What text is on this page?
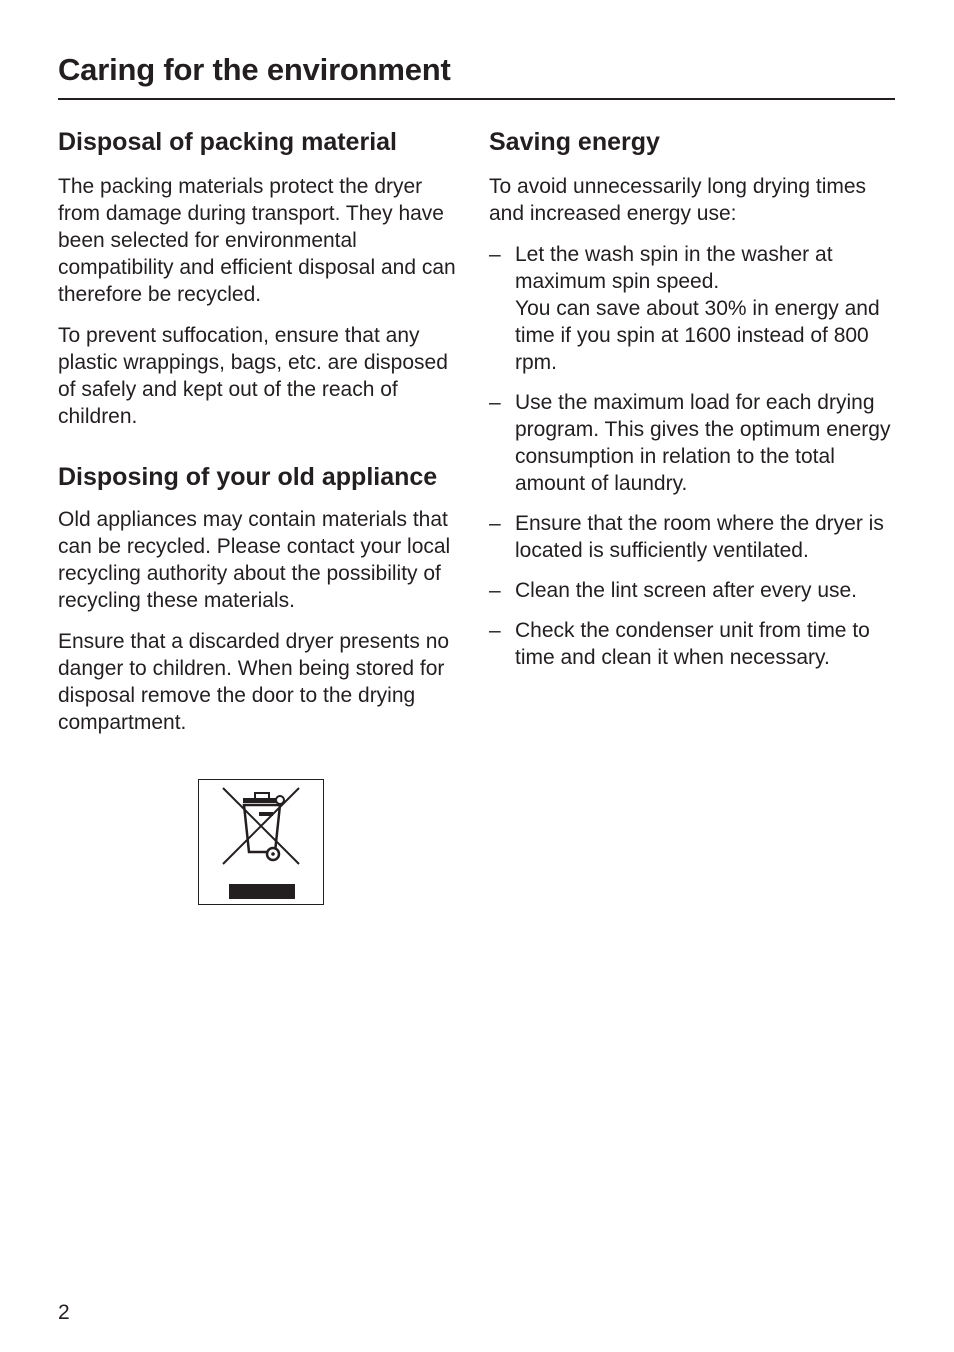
Caring for the environment
Disposal of packing material

The packing materials protect the dryer from damage during transport. They have been selected for environmental compatibility and efficient disposal and can therefore be recycled.

To prevent suffocation, ensure that any plastic wrappings, bags, etc. are disposed of safely and kept out of the reach of children.

Disposing of your old appliance

Old appliances may contain materials that can be recycled. Please contact your local recycling authority about the possibility of recycling these materials.

Ensure that a discarded dryer presents no danger to children. When being stored for disposal remove the door to the drying compartment.

Saving energy

To avoid unnecessarily long drying times and increased energy use:

– Let the wash spin in the washer at maximum spin speed.
You can save about 30% in energy and time if you spin at 1600 instead of 800 rpm.
– Use the maximum load for each drying program. This gives the optimum energy consumption in relation to the total amount of laundry.
– Ensure that the room where the dryer is located is sufficiently ventilated.
– Clean the lint screen after every use.
– Check the condenser unit from time to time and clean it when necessary.
2
